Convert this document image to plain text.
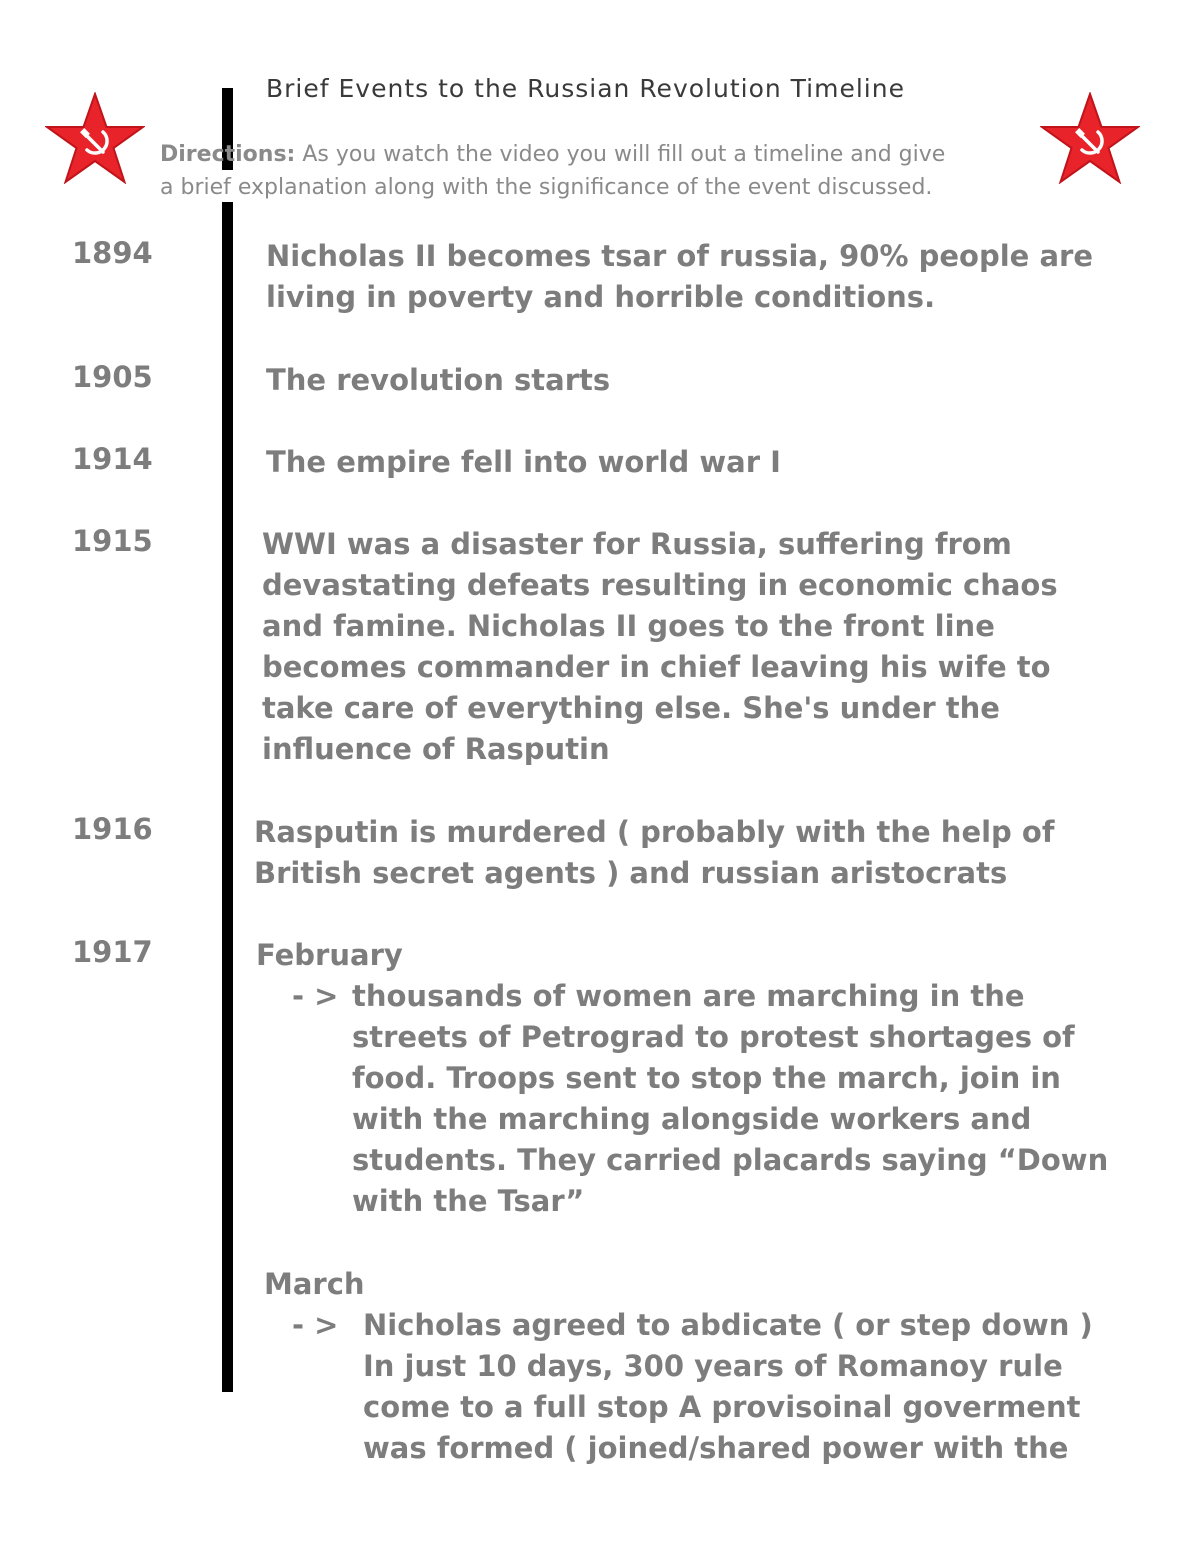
Brief Events to the Russian Revolution Timeline
Directions: As you watch the video you will fill out a timeline and give
a brief explanation along with the significance of the event discussed.
1894	Nicholas II becomes tsar of russia, 90% people are
living in poverty and horrible conditions.
1905	The revolution starts
1914	The empire fell into world war I
1915	WWI was a disaster for Russia, suffering from
devastating defeats resulting in economic chaos
and famine. Nicholas II goes to the front line
becomes commander in chief leaving his wife to
take care of everything else. She's under the
influence of Rasputin
1916	Rasputin is murdered ( probably with the help of
British secret agents ) and russian aristocrats
1917	February
- > thousands of women are marching in the
streets of Petrograd to protest shortages of
food. Troops sent to stop the march, join in
with the marching alongside workers and
students. They carried placards saying “Down
with the Tsar”
March
- > Nicholas agreed to abdicate ( or step down )
In just 10 days, 300 years of Romanoy rule
come to a full stop A provisoinal goverment
was formed ( joined/shared power with the
